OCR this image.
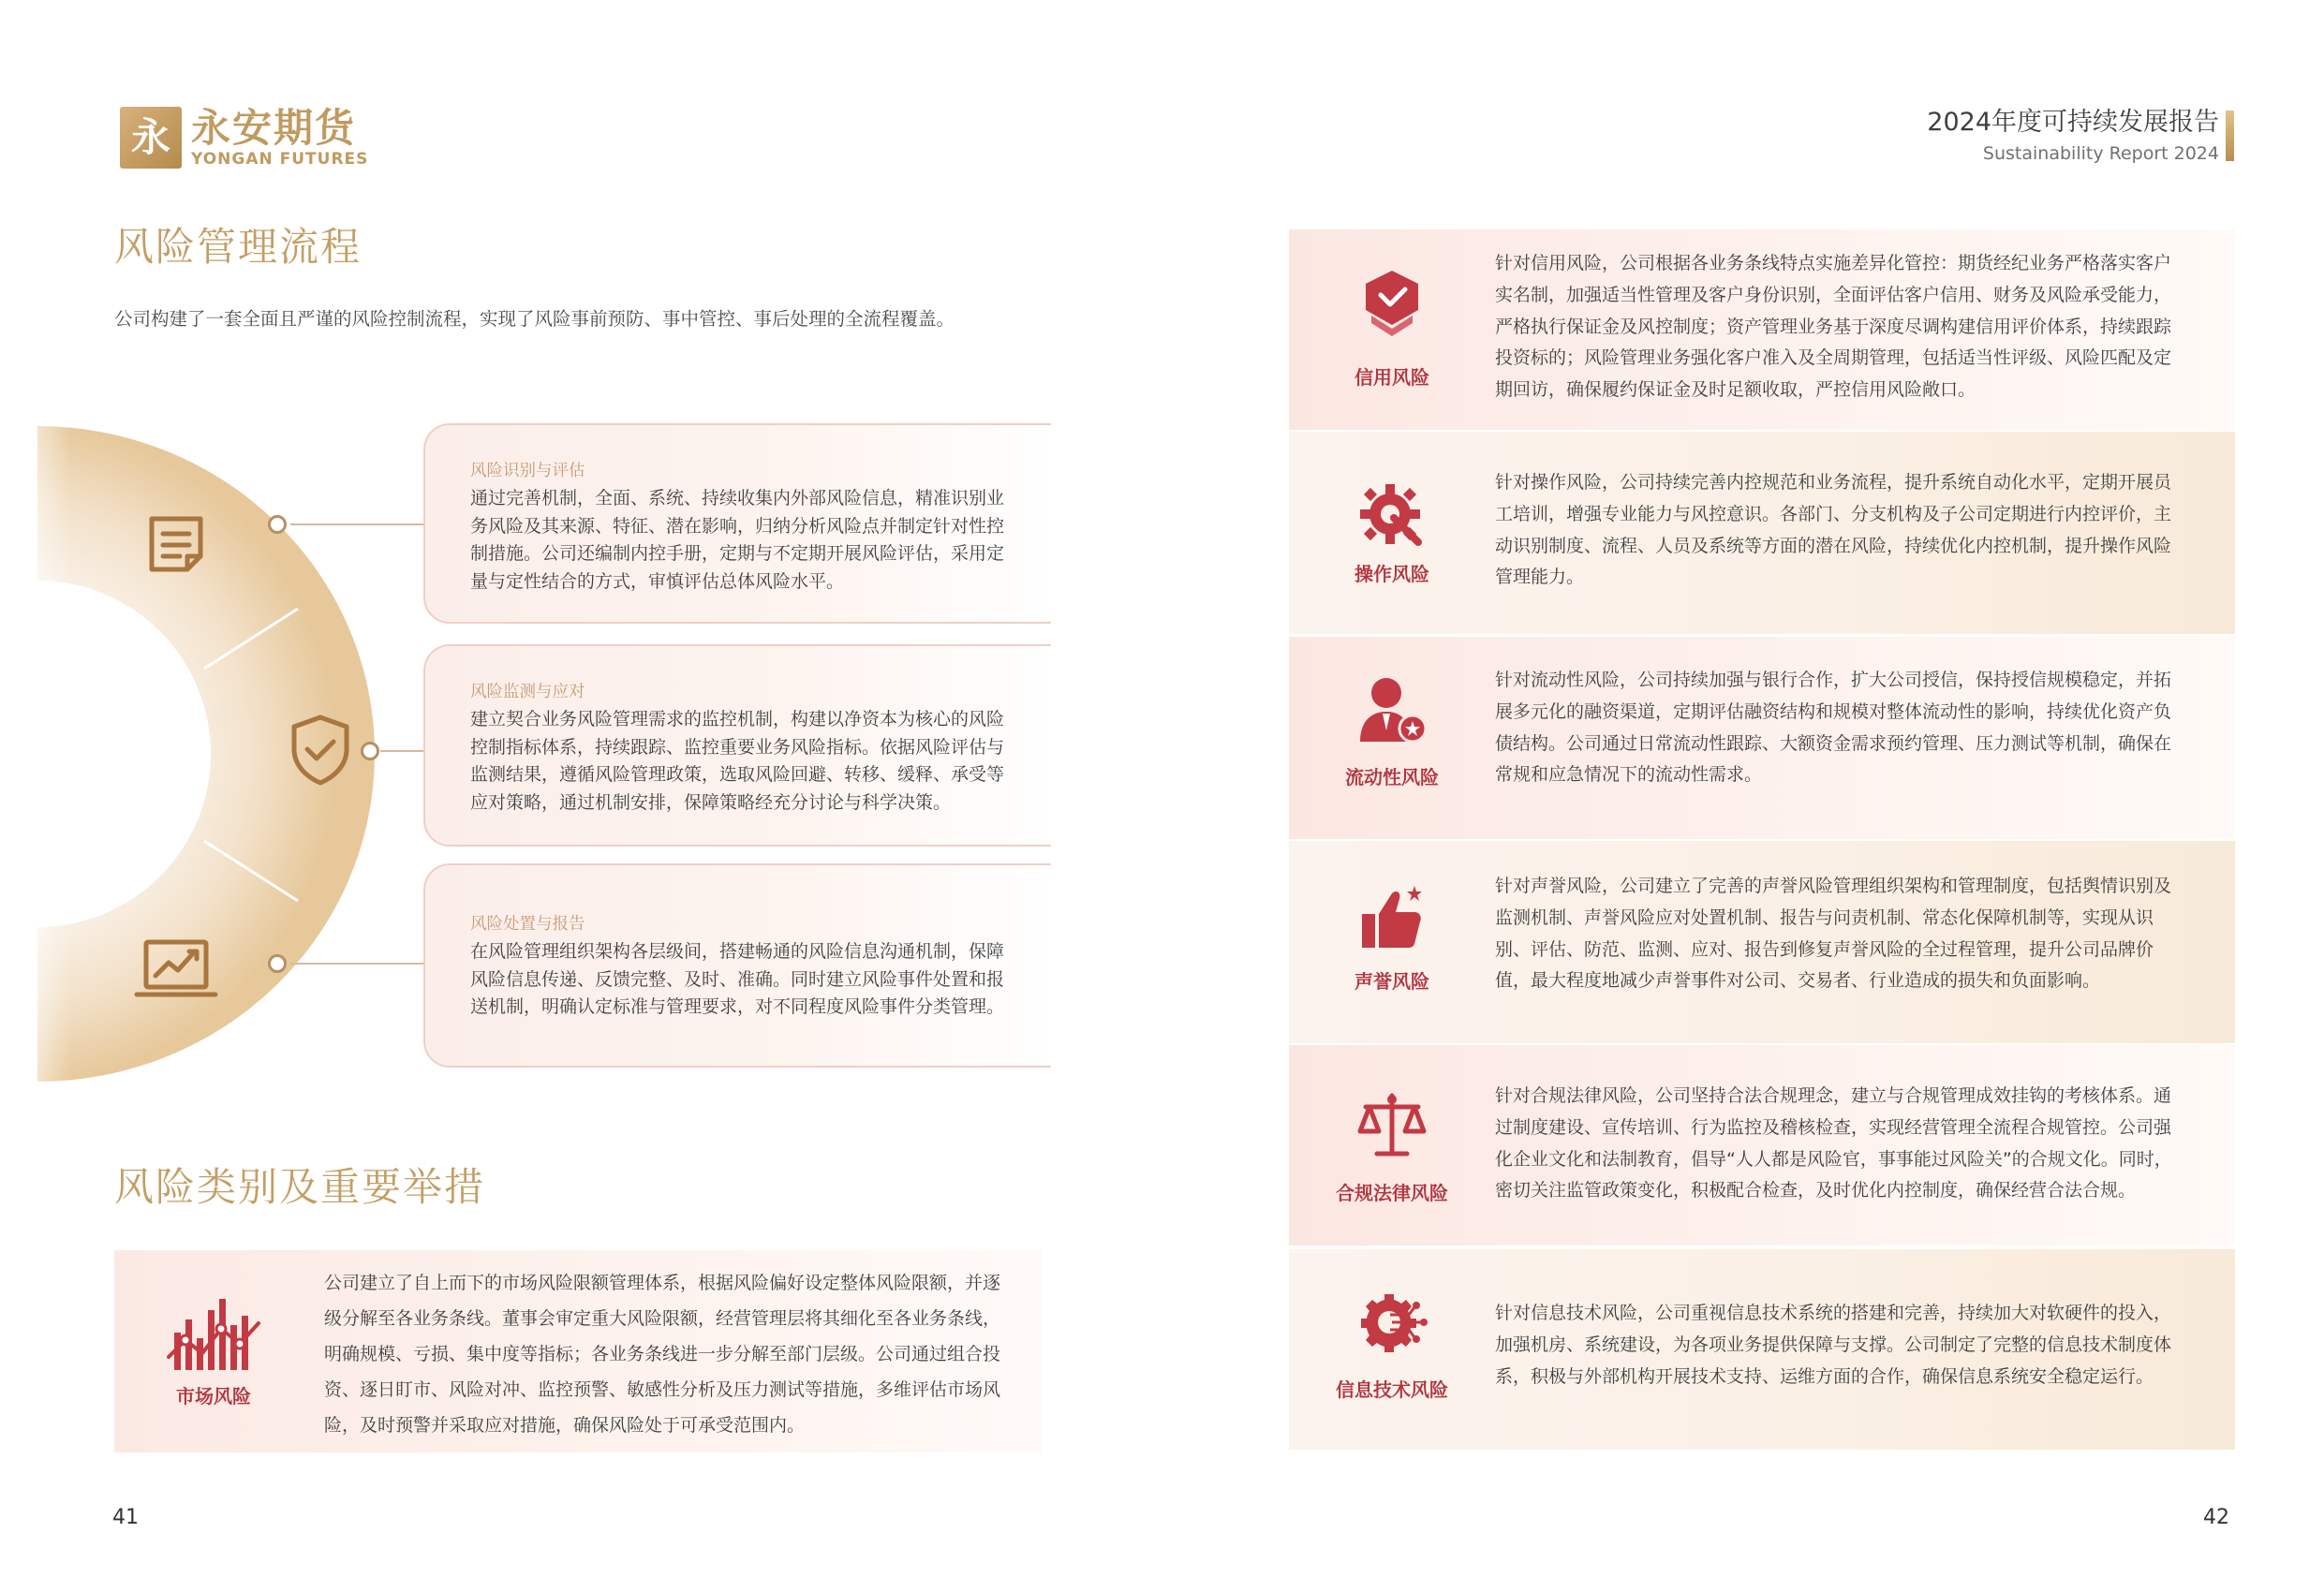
永 永安期货
YONGAN FUTURES
2024年度可持续发展报告
Sustainability Report 2024
风险管理流程
公司构建了一套全面且严谨的风险控制流程，实现了风险事前预防、事中管控、事后处理的全流程覆盖。
风险识别与评估
通过完善机制，全面、系统、持续收集内外部风险信息，精准识别业
务风险及其来源、特征、潜在影响，归纳分析风险点并制定针对性控
制措施。公司还编制内控手册，定期与不定期开展风险评估，采用定
量与定性结合的方式，审慎评估总体风险水平。
风险监测与应对
建立契合业务风险管理需求的监控机制，构建以净资本为核心的风险
控制指标体系，持续跟踪、监控重要业务风险指标。依据风险评估与
监测结果，遵循风险管理政策，选取风险回避、转移、缓释、承受等
应对策略，通过机制安排，保障策略经充分讨论与科学决策。
风险处置与报告
在风险管理组织架构各层级间，搭建畅通的风险信息沟通机制，保障
风险信息传递、反馈完整、及时、准确。同时建立风险事件处置和报
送机制，明确认定标准与管理要求，对不同程度风险事件分类管理。
风险类别及重要举措
市场风险
公司建立了自上而下的市场风险限额管理体系，根据风险偏好设定整体风险限额，并逐
级分解至各业务条线。董事会审定重大风险限额，经营管理层将其细化至各业务条线，
明确规模、亏损、集中度等指标；各业务条线进一步分解至部门层级。公司通过组合投
资、逐日盯市、风险对冲、监控预警、敏感性分析及压力测试等措施，多维评估市场风
险，及时预警并采取应对措施，确保风险处于可承受范围内。
41
信用风险
针对信用风险，公司根据各业务条线特点实施差异化管控：期货经纪业务严格落实客户
实名制，加强适当性管理及客户身份识别，全面评估客户信用、财务及风险承受能力，
严格执行保证金及风控制度；资产管理业务基于深度尽调构建信用评价体系，持续跟踪
投资标的；风险管理业务强化客户准入及全周期管理，包括适当性评级、风险匹配及定
期回访，确保履约保证金及时足额收取，严控信用风险敞口。
操作风险
针对操作风险，公司持续完善内控规范和业务流程，提升系统自动化水平，定期开展员
工培训，增强专业能力与风控意识。各部门、分支机构及子公司定期进行内控评价，主
动识别制度、流程、人员及系统等方面的潜在风险，持续优化内控机制，提升操作风险
管理能力。
流动性风险
针对流动性风险，公司持续加强与银行合作，扩大公司授信，保持授信规模稳定，并拓
展多元化的融资渠道，定期评估融资结构和规模对整体流动性的影响，持续优化资产负
债结构。公司通过日常流动性跟踪、大额资金需求预约管理、压力测试等机制，确保在
常规和应急情况下的流动性需求。
声誉风险
针对声誉风险，公司建立了完善的声誉风险管理组织架构和管理制度，包括舆情识别及
监测机制、声誉风险应对处置机制、报告与问责机制、常态化保障机制等，实现从识
别、评估、防范、监测、应对、报告到修复声誉风险的全过程管理，提升公司品牌价
值，最大程度地减少声誉事件对公司、交易者、行业造成的损失和负面影响。
合规法律风险
针对合规法律风险，公司坚持合法合规理念，建立与合规管理成效挂钩的考核体系。通
过制度建设、宣传培训、行为监控及稽核检查，实现经营管理全流程合规管控。公司强
化企业文化和法制教育，倡导“人人都是风险官，事事能过风险关”的合规文化。同时，
密切关注监管政策变化，积极配合检查，及时优化内控制度，确保经营合法合规。
信息技术风险
针对信息技术风险，公司重视信息技术系统的搭建和完善，持续加大对软硬件的投入，
加强机房、系统建设，为各项业务提供保障与支撑。公司制定了完整的信息技术制度体
系，积极与外部机构开展技术支持、运维方面的合作，确保信息系统安全稳定运行。
42
